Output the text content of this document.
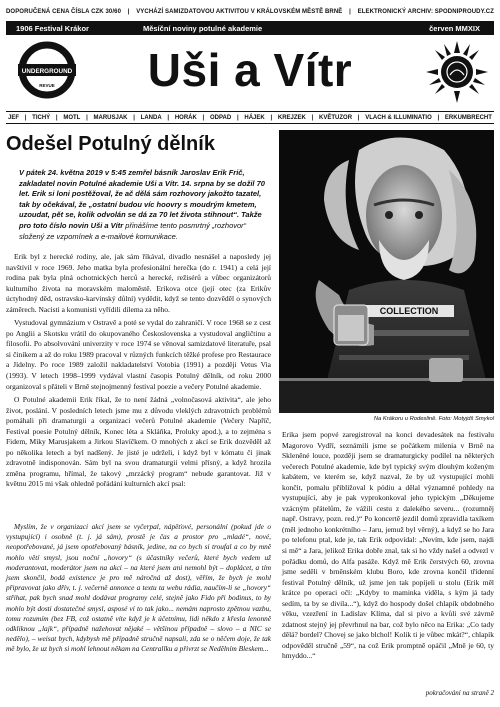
DOPORUČENÁ CENA ČÍSLA CZK 30/60	|	VYCHÁZÍ SAMIZDATOVOU AKTIVITOU V KRÁLOVSKÉM MĚSTĚ BRNĚ	|	ELEKTRONICKÝ ARCHIV: SPODNIPROUDY.CZ
1906 Festival Krákor	Měsíční noviny potulné akademie	červen MMXIX
UNDERGROUND
REVUE	Uši a Vítr
JEF | TICHÝ | MOTL | MARUSJAK | LANDA | HORÁK | ODPAD | HÁJEK | KREJZEK | KVĚTUZOR | VLACH & ILLUMINATIO | ERKUMBRECHT
Odešel Potulný dělník
V pátek 24. května 2019 v 5:45 zemřel básník Jaroslav Erik Frič, zakladatel novin Potulné akademie Uši a Vítr. 14. srpna by se dožil 70 let. Erik si loni postěžoval, že ač dělá sám rozhovory jakožto tazatel, tak by očekával, že „ostatní budou víc hoovry s moudrým kmetem, uzoudat, pět se, kolik odvolán se dá za 70 let života stihnout“. Takže pro toto číslo novin Uši a Vítr přinášíme tento posmrtný „rozhovor“ složený ze vzpomínek a e-mailové komunikace.

Erik byl z herecké rodiny, ale, jak sám říkával, divadlo nesnášel a naposledy jej navštívil v roce 1969. Jeho matka byla profesionální herečka (do r. 1941) a celá její rodina pak byla plná ochotnických herců a herecké, režisérů a vůbec organizátorů kulturního života na moravském maloměstě. Erikova otce (její otec (za Erikův úctyhodný děd, ostravsko-karvinský důlní) vydědit, když se tento dozvěděl o synových záměrech. Nacisti a komunisti vyřídili dílema za něho.

Vystudoval gymnázium v Ostravě a poté se vydal do zahraničí. V roce 1968 se z cest po Anglii a Skotsku vrátil do okupovaného Československa a vystudoval angličtinu a filosofii. Po absolvování univerzity v roce 1974 se věnoval samizdatové literatuře, psal si činíkem a až do roku 1989 pracoval v různých funkcích těžké profese pro Restaurace a Jídelny. Po roce 1989 založil nakladatelství Votobia (1991) a později Vetus Via (1993). V letech 1998–1999 vydával vlastní časopis Potulný dělník, od roku 2000 organizoval s přáteli v Brně stejnojmenný festival poezie a večery Potulné akademie.

O Potulné akademii Erik říkal, že to není žádná „volnočasová aktivita“, ale jeho život, poslání. V posledních letech jsme mu z důvodu vleklých zdravotních problémů pomáhali při dramaturgii a organizaci večerů Potulné akademie (Večery Napříč, Festival poesie Potulný dělník, Konec léta a Skláňka, Proluky apod.), a to zejména s Fidem, Miky Marusjakem a Jirkou Slavíčkem. O mnohých z akcí se Erik dozvěděl až po několika letech a byl nadšený. Je jisté je udrželi, i když byl v kómatu či jinak zdravotně indisponován. Sám byl na svou dramaturgii velmi přísný, a když hrozila změna programu, hřímal, že takový „mrzácký program“ nebude garantovat. Již v květnu 2015 mi však ohledně pořádání kulturních akcí psal:

Myslím, že v organizaci akcí jsem se vyčerpal, nápěťové, personální (pokud jde o vystupující) i osobně (t. j. já sám), prostě je čas a prostor pro „mladé“, nové, neopotřebované, já jsem opotřebovaný básník, jedine, na co bych si troufal a co by mně mohlo větí smysl, jsou noční „hovory“ (s účastníky večerů, které bych vedem už moderantovat, moderátor jsem na akci – na které jsem ani nemohl být – doplácet, a tím jsem skončil, bodá existence je pro mě náročná až dost), věřím, že bych je mohl připravovat jako dřív, t. j. večerně annonce a textu ta webu rádia, naučím-li se „hovory“ střihat, pak bych snad mohl dodávat programy celé, stejně jako Fido při bodinus, to by mohlo být dosti dostatečné smysl, asposé ví to tak jako... nemám naprosto zpětnou vazbu, tomu rozumím (bez FB, což ostatně víte když je k účetnímu, lidi někdo z křesla lenonně odkliknou „lajk“, případně nažehovat nějaké – většinou případně – slovo – a NIC se nedělo), – weisat bych, kdybysh mě případně stručně napsali, zda se o něčem doje, že tak mě bylo, že uz bych si mohl lehnout někam na Centrallku a přivrzt se Nedělním Bleskem...

COLLECTION
Na Krákoru u Rodeslině. Foto: Motyjdš Smykol

Erika jsem popvé zaregistroval na konci devadesátek na festivalu Magorovo Vydří, seznámili jsme se počátkem milenia v Brně na Skleněné louce, později jsem se dramaturgicky podílel na některých večerech Potulné akademie, kde byl typický svým dlouhým koženým kabátem, ve kterém se, když nazval, že by už vystupující mohli končit, pomalu přibližoval k pódiu a dělal významné pohledy na vystupující, aby je pak vyprokonkoval jeho typickým „Děkujeme vzácným přátelům, že vážili cestu z dalekého severu... (rozumněj např. Ostravy, pozn. red.)“ Po koncertě jezdil domů zpravidla taxíkem (měl jednoho konkrétního – Jaru, jemuž byl věrný), a když se ho Jara po telefonu ptal, kde je, tak Erik odpovídal: „Nevím, kde jsem, najdi si mě“ a Jara, jelikož Erika dobře znal, tak si ho vždy našel a odvezl v pořádku domů, do Alfa pasáže. Když mě Erik čerstvých 60, zrovna jsme seděli v brněnském klubu Boro, kde zrovna končil třídenní festival Potulný dělník, už jsme jen tak popíjeli u stolu (Erik měl krátce po operaci očí: „Kdyby to maminka viděla, s kým já tady sedím, ta by se divila...“), když do hospody došel chlapík obdobného věku, vzezření in Ladislav Klíma, dal si pivo a kvůli své závrně zdatnost stejný jej převrhnul na bar, což bylo něco na Erika: „Co tady dělá? bordel? Chovej se jako blchol! Kolik ti je vůbec mkát?“, chlapík odpověděl stručně „59“, na což Erik promptně opáčil „Mně je 60, ty hmyddo...“

pokračování na straně 2
